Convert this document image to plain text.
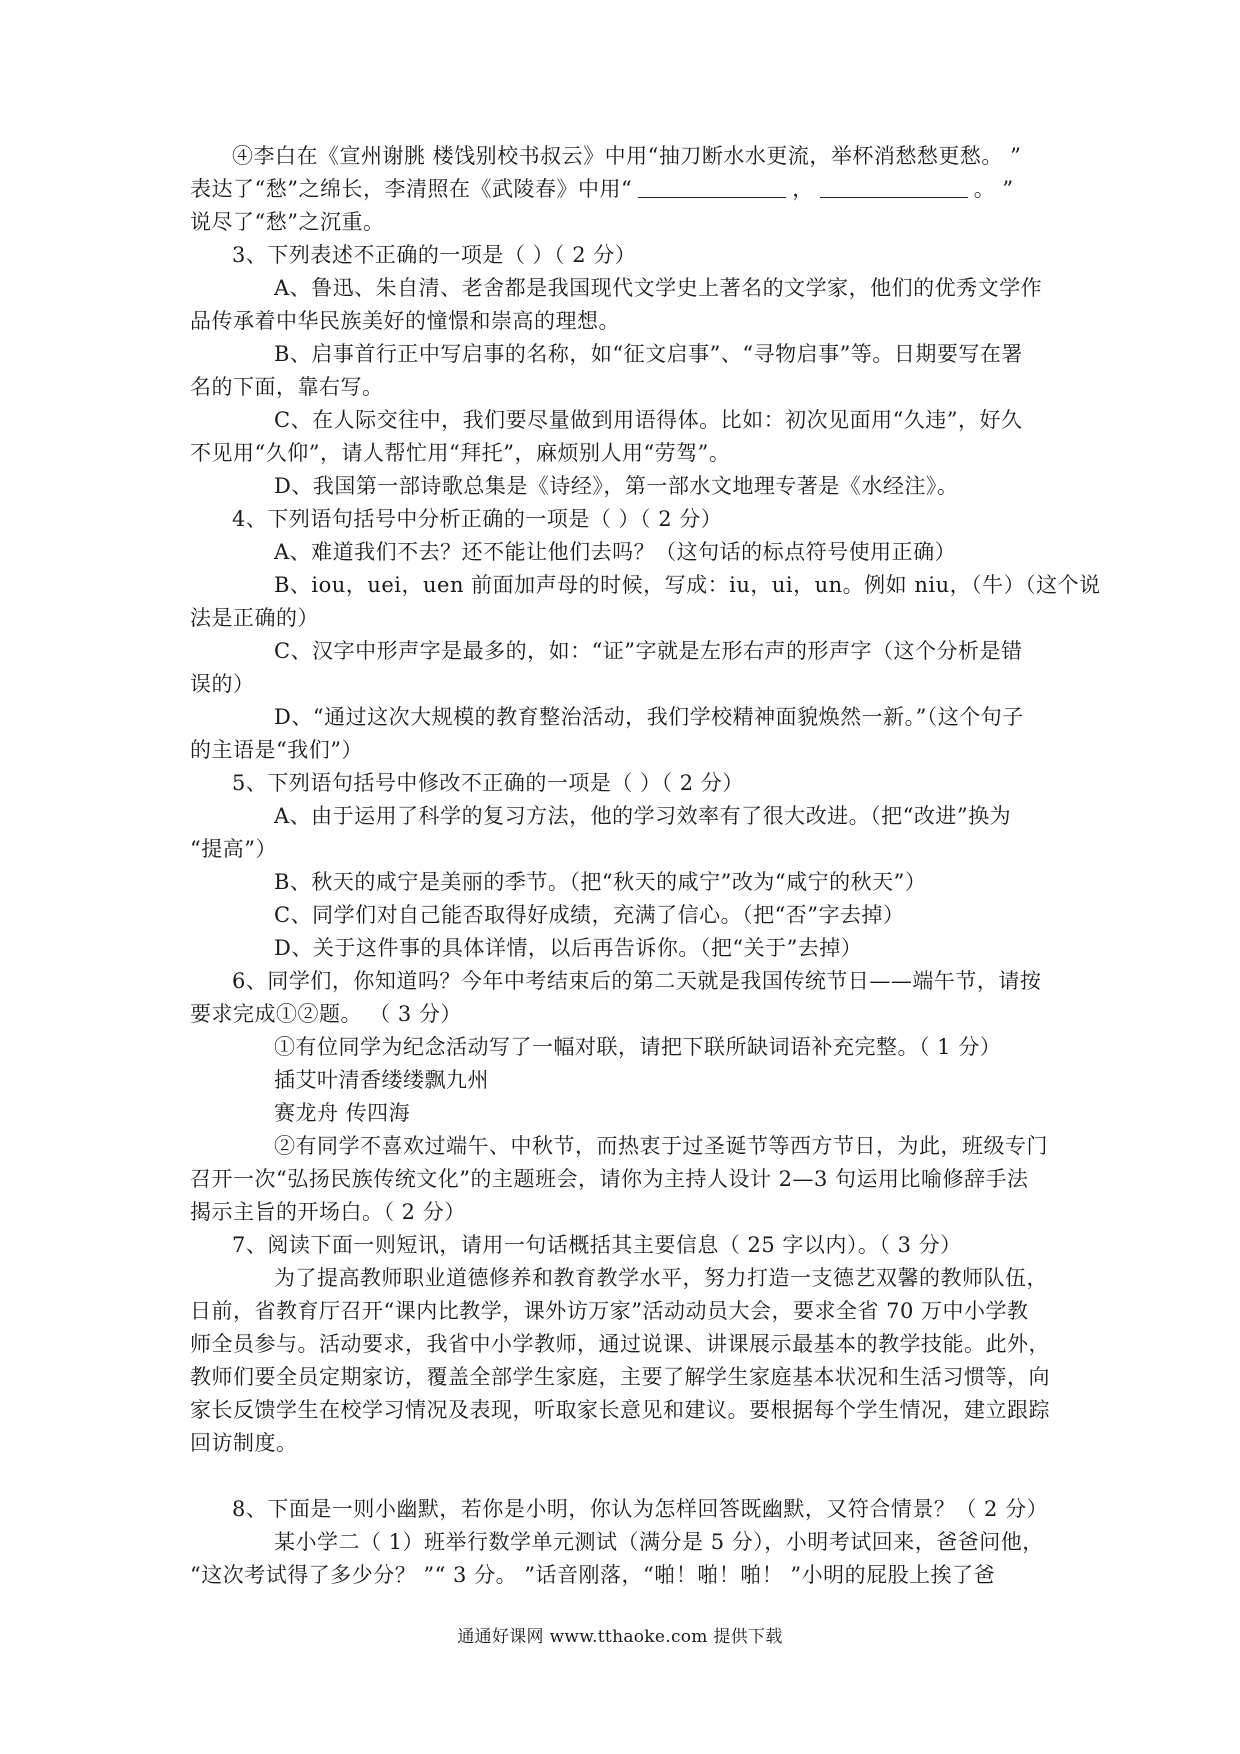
④李白在《宣州谢朓 楼饯别校书叔云》中用“抽刀断水水更流，举杯消愁愁更愁。 ”
表达了“愁”之绵长，李清照在《武陵春》中用“	，	。 ”
说尽了“愁”之沉重。
3、下列表述不正确的一项是（ ）（ 2 分）
A、鲁迅、朱自清、老舍都是我国现代文学史上著名的文学家，他们的优秀文学作
品传承着中华民族美好的憧憬和崇高的理想。
B、启事首行正中写启事的名称，如“征文启事”、“寻物启事”等。日期要写在署
名的下面，靠右写。
C、在人际交往中，我们要尽量做到用语得体。比如：初次见面用“久违”，好久
不见用“久仰”，请人帮忙用“拜托”，麻烦别人用“劳驾”。
D、我国第一部诗歌总集是《诗经》，第一部水文地理专著是《水经注》。
4、下列语句括号中分析正确的一项是（ ）（ 2 分）
A、难道我们不去？还不能让他们去吗？（这句话的标点符号使用正确）
B、iou，uei，uen 前面加声母的时候，写成：iu，ui，un。例如 niu，（牛）（这个说
法是正确的）
C、汉字中形声字是最多的，如：“证”字就是左形右声的形声字（这个分析是错
误的）
D、“通过这次大规模的教育整治活动，我们学校精神面貌焕然一新。”（这个句子
的主语是“我们”）
5、下列语句括号中修改不正确的一项是（ ）（ 2 分）
A、由于运用了科学的复习方法，他的学习效率有了很大改进。（把“改进”换为
“提高”）
B、秋天的咸宁是美丽的季节。（把“秋天的咸宁”改为“咸宁的秋天”）
C、同学们对自己能否取得好成绩，充满了信心。（把“否”字去掉）
D、关于这件事的具体详情，以后再告诉你。（把“关于”去掉）
6、同学们，你知道吗？今年中考结束后的第二天就是我国传统节日——端午节，请按
要求完成①②题。 （ 3 分）
①有位同学为纪念活动写了一幅对联，请把下联所缺词语补充完整。（ 1 分）
插艾叶清香缕缕飘九州
赛龙舟 传四海
②有同学不喜欢过端午、中秋节，而热衷于过圣诞节等西方节日，为此，班级专门
召开一次“弘扬民族传统文化”的主题班会，请你为主持人设计 2—3 句运用比喻修辞手法
揭示主旨的开场白。（ 2 分）
7、阅读下面一则短讯，请用一句话概括其主要信息（ 25 字以内）。（ 3 分）
为了提高教师职业道德修养和教育教学水平，努力打造一支德艺双馨的教师队伍，
日前，省教育厅召开“课内比教学，课外访万家”活动动员大会，要求全省 70 万中小学教
师全员参与。活动要求，我省中小学教师，通过说课、讲课展示最基本的教学技能。此外，
教师们要全员定期家访，覆盖全部学生家庭，主要了解学生家庭基本状况和生活习惯等，向
家长反馈学生在校学习情况及表现，听取家长意见和建议。要根据每个学生情况，建立跟踪
回访制度。
8、下面是一则小幽默，若你是小明，你认为怎样回答既幽默，又符合情景？（ 2 分）
某小学二（ 1）班举行数学单元测试（满分是 5 分），小明考试回来，爸爸问他，
“这次考试得了多少分？ ”“ 3 分。 ”话音刚落，“啪！啪！啪！ ”小明的屁股上挨了爸
通通好课网 www.tthaoke.com 提供下载
